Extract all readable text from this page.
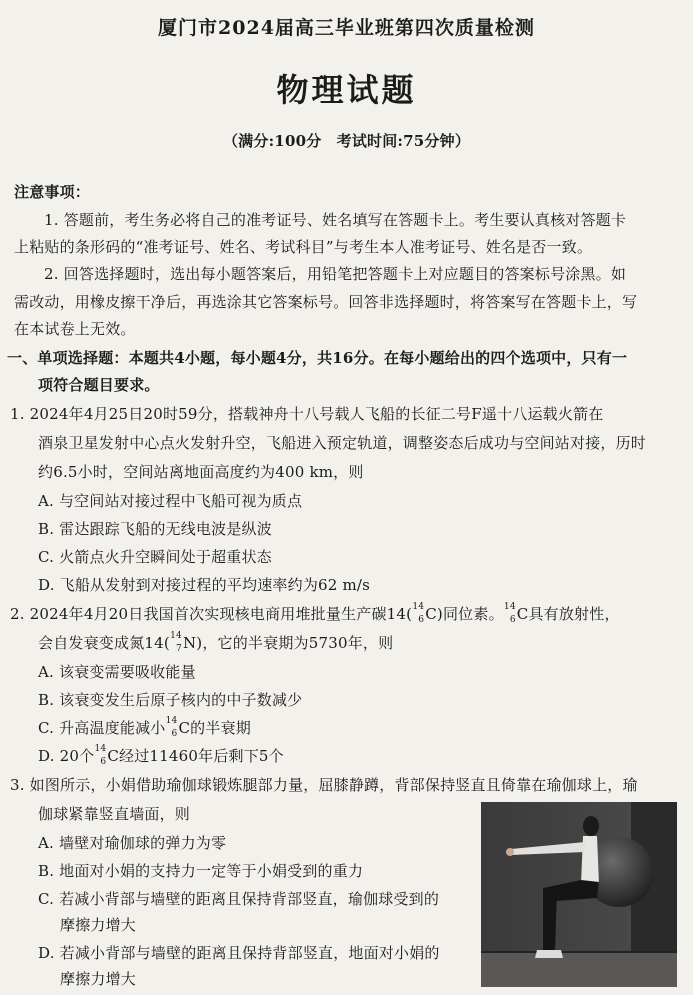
厦门市2024届高三毕业班第四次质量检测
物理试题
（满分:100分　考试时间:75分钟）
注意事项：
1. 答题前，考生务必将自己的准考证号、姓名填写在答题卡上。考生要认真核对答题卡
上粘贴的条形码的“准考证号、姓名、考试科目”与考生本人准考证号、姓名是否一致。
2. 回答选择题时，选出每小题答案后，用铅笔把答题卡上对应题目的答案标号涂黑。如
需改动，用橡皮擦干净后，再选涂其它答案标号。回答非选择题时，将答案写在答题卡上，写
在本试卷上无效。
一、单项选择题：本题共4小题，每小题4分，共16分。在每小题给出的四个选项中，只有一
项符合题目要求。
1. 2024年4月25日20时59分，搭载神舟十八号载人飞船的长征二号F遥十八运载火箭在
酒泉卫星发射中心点火发射升空，飞船进入预定轨道，调整姿态后成功与空间站对接，历时
约6.5小时，空间站离地面高度约为400 km，则
A. 与空间站对接过程中飞船可视为质点
B. 雷达跟踪飞船的无线电波是纵波
C. 火箭点火升空瞬间处于超重状态
D. 飞船从发射到对接过程的平均速率约为62 m/s
2. 2024年4月20日我国首次实现核电商用堆批量生产碳14( 14
6 C)同位素。 14
6 C具有放射性，
会自发衰变成氮14( 14
7 N)，它的半衰期为5730年，则
A. 该衰变需要吸收能量
B. 该衰变发生后原子核内的中子数减少
C. 升高温度能减小 14
6 C的半衰期
D. 20个 14
6 C经过11460年后剩下5个
3. 如图所示，小娟借助瑜伽球锻炼腿部力量，屈膝静蹲，背部保持竖直且倚靠在瑜伽球上，瑜
伽球紧靠竖直墙面，则
A. 墙壁对瑜伽球的弹力为零
B. 地面对小娟的支持力一定等于小娟受到的重力
C. 若减小背部与墙壁的距离且保持背部竖直，瑜伽球受到的
摩擦力增大
D. 若减小背部与墙壁的距离且保持背部竖直，地面对小娟的
摩擦力增大
